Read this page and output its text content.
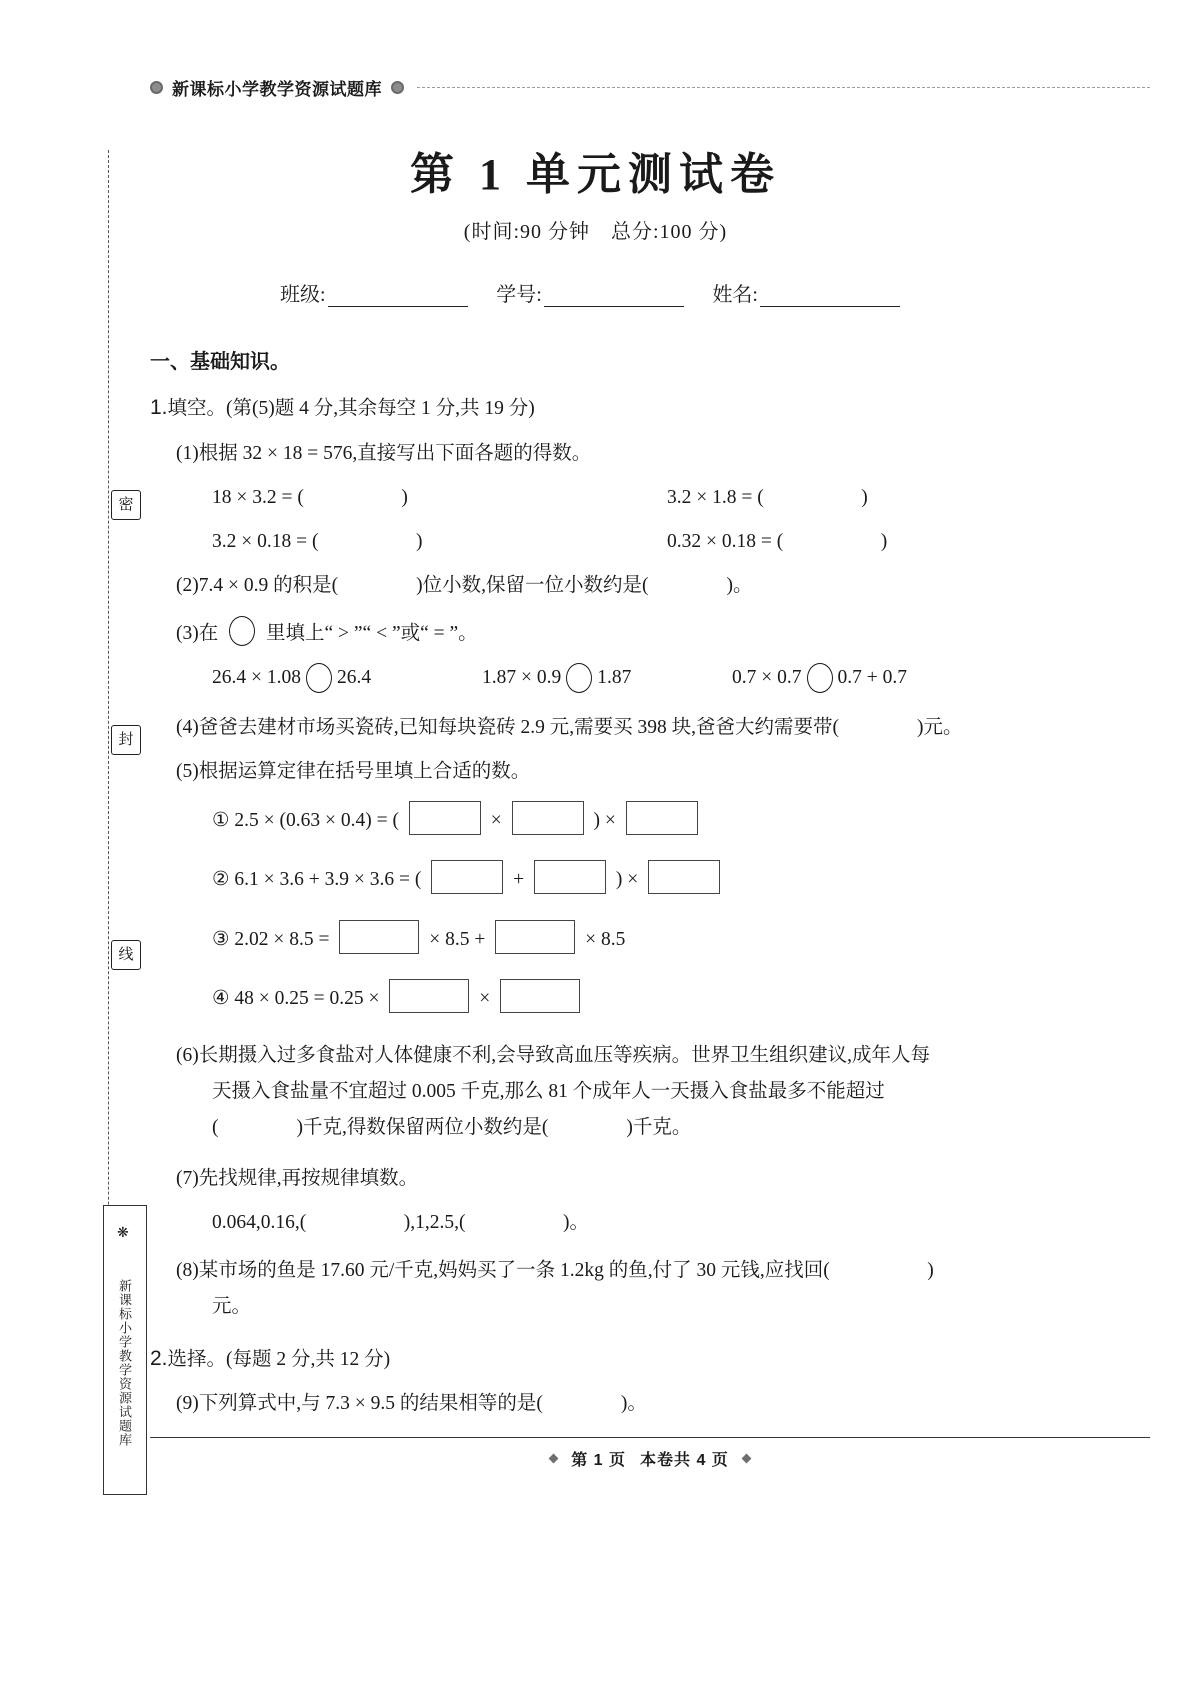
新课标小学教学资源试题库
密
封
线
❋
新课标小学教学资源试题库
第 1 单元测试卷
(时间:90 分钟　总分:100 分)
班级:	学号:	姓名:
一、基础知识。
1.填空。(第(5)题 4 分,其余每空 1 分,共 19 分)
(1)根据 32 × 18 = 576,直接写出下面各题的得数。
18 × 3.2 = (　　　　　)	3.2 × 1.8 = (　　　　　)
3.2 × 0.18 = (　　　　　)	0.32 × 0.18 = (　　　　　)
(2)7.4 × 0.9 的积是(　　　　)位小数,保留一位小数约是(　　　　)。
(3)在 里填上“ > ”“ < ”或“ = ”。
26.4 × 1.08 26.4	1.87 × 0.9 1.87	0.7 × 0.7 0.7 + 0.7
(4)爸爸去建材市场买瓷砖,已知每块瓷砖 2.9 元,需要买 398 块,爸爸大约需要带(　　　　)元。
(5)根据运算定律在括号里填上合适的数。
① 2.5 × (0.63 × 0.4) = (	×	) ×
② 6.1 × 3.6 + 3.9 × 3.6 = (	+	) ×
③ 2.02 × 8.5 =	× 8.5 +	× 8.5
④ 48 × 0.25 = 0.25 ×	×
(6)长期摄入过多食盐对人体健康不利,会导致高血压等疾病。世界卫生组织建议,成年人每
天摄入食盐量不宜超过 0.005 千克,那么 81 个成年人一天摄入食盐最多不能超过
(　　　　)千克,得数保留两位小数约是(　　　　)千克。
(7)先找规律,再按规律填数。
0.064,0.16,(　　　　　),1,2.5,(　　　　　)。
(8)某市场的鱼是 17.60 元/千克,妈妈买了一条 1.2kg 的鱼,付了 30 元钱,应找回(　　　　　)
元。
2.选择。(每题 2 分,共 12 分)
(9)下列算式中,与 7.3 × 9.5 的结果相等的是(　　　　)。
第 1 页 本卷共 4 页
